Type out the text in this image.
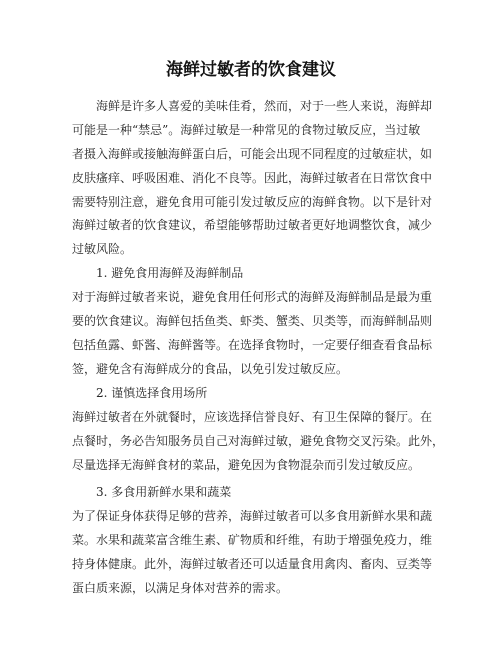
海鲜过敏者的饮食建议

海鲜是许多人喜爱的美味佳肴，然而，对于一些人来说，海鲜却

可能是一种“禁忌”。海鲜过敏是一种常见的食物过敏反应，当过敏

者摄入海鲜或接触海鲜蛋白后，可能会出现不同程度的过敏症状，如

皮肤瘙痒、呼吸困难、消化不良等。因此，海鲜过敏者在日常饮食中

需要特别注意，避免食用可能引发过敏反应的海鲜食物。以下是针对

海鲜过敏者的饮食建议，希望能够帮助过敏者更好地调整饮食，减少

过敏风险。

1. 避免食用海鲜及海鲜制品

对于海鲜过敏者来说，避免食用任何形式的海鲜及海鲜制品是最为重

要的饮食建议。海鲜包括鱼类、虾类、蟹类、贝类等，而海鲜制品则

包括鱼露、虾酱、海鲜酱等。在选择食物时，一定要仔细查看食品标

签，避免含有海鲜成分的食品，以免引发过敏反应。

2. 谨慎选择食用场所

海鲜过敏者在外就餐时，应该选择信誉良好、有卫生保障的餐厅。在

点餐时，务必告知服务员自己对海鲜过敏，避免食物交叉污染。此外，

尽量选择无海鲜食材的菜品，避免因为食物混杂而引发过敏反应。

3. 多食用新鲜水果和蔬菜

为了保证身体获得足够的营养，海鲜过敏者可以多食用新鲜水果和蔬

菜。水果和蔬菜富含维生素、矿物质和纤维，有助于增强免疫力，维

持身体健康。此外，海鲜过敏者还可以适量食用禽肉、畜肉、豆类等

蛋白质来源，以满足身体对营养的需求。
